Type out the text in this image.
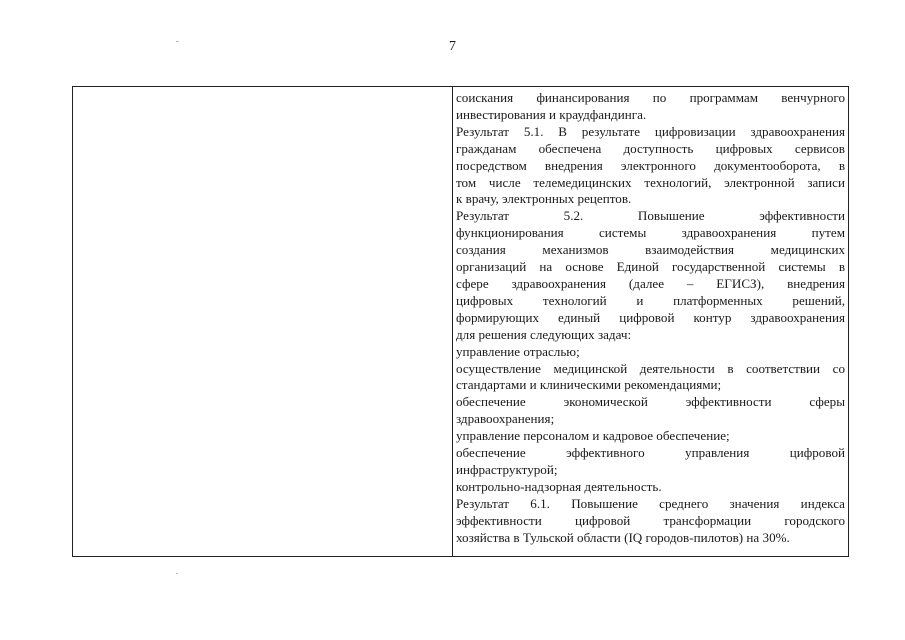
7
соискания финансирования по программам венчурного
инвестирования и краудфандинга.
Результат 5.1. В результате цифровизации здравоохранения
гражданам обеспечена доступность цифровых сервисов
посредством внедрения электронного документооборота, в
том числе телемедицинских технологий, электронной записи
к врачу, электронных рецептов.
Результат 5.2. Повышение эффективности
функционирования системы здравоохранения путем
создания механизмов взаимодействия медицинских
организаций на основе Единой государственной системы в
сфере здравоохранения (далее – ЕГИСЗ), внедрения
цифровых технологий и платформенных решений,
формирующих единый цифровой контур здравоохранения
для решения следующих задач:
управление отраслью;
осуществление медицинской деятельности в соответствии со
стандартами и клиническими рекомендациями;
обеспечение экономической эффективности сферы
здравоохранения;
управление персоналом и кадровое обеспечение;
обеспечение эффективного управления цифровой
инфраструктурой;
контрольно-надзорная деятельность.
Результат 6.1. Повышение среднего значения индекса
эффективности цифровой трансформации городского
хозяйства в Тульской области (IQ городов-пилотов) на 30%.
